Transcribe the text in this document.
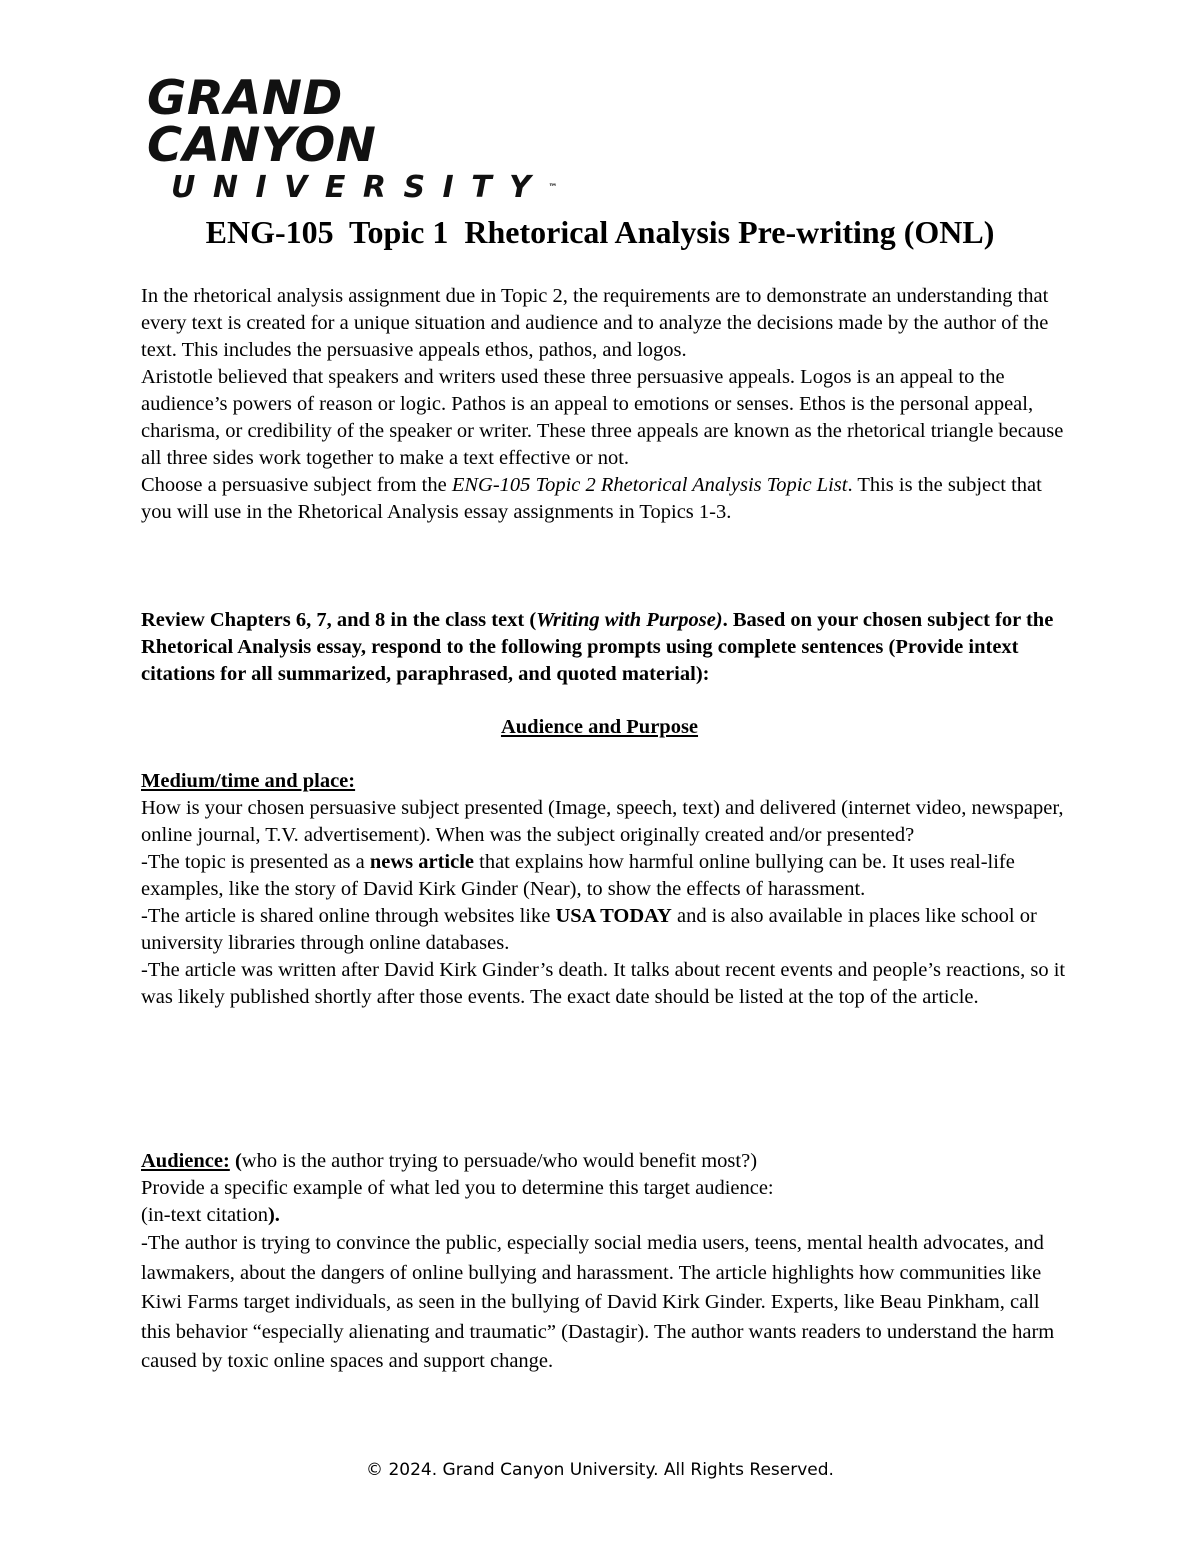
GRAND CANYON
UNIVERSITY™
ENG-105  Topic 1  Rhetorical Analysis Pre-writing (ONL)

In the rhetorical analysis assignment due in Topic 2, the requirements are to demonstrate an understanding that every text is created for a unique situation and audience and to analyze the decisions made by the author of the text. This includes the persuasive appeals ethos, pathos, and logos.

Aristotle believed that speakers and writers used these three persuasive appeals. Logos is an appeal to the audience’s powers of reason or logic. Pathos is an appeal to emotions or senses. Ethos is the personal appeal, charisma, or credibility of the speaker or writer. These three appeals are known as the rhetorical triangle because all three sides work together to make a text effective or not.

Choose a persuasive subject from the ENG-105 Topic 2 Rhetorical Analysis Topic List. This is the subject that you will use in the Rhetorical Analysis essay assignments in Topics 1-3.

Review Chapters 6, 7, and 8 in the class text (Writing with Purpose). Based on your chosen subject for the Rhetorical Analysis essay, respond to the following prompts using complete sentences (Provide intext citations for all summarized, paraphrased, and quoted material):
Audience and Purpose

Medium/time and place:

How is your chosen persuasive subject presented (Image, speech, text) and delivered (internet video, newspaper, online journal, T.V. advertisement). When was the subject originally created and/or presented?

-The topic is presented as a news article that explains how harmful online bullying can be. It uses real-life examples, like the story of David Kirk Ginder (Near), to show the effects of harassment.

-The article is shared online through websites like USA TODAY and is also available in places like school or university libraries through online databases.

-The article was written after David Kirk Ginder’s death. It talks about recent events and people’s reactions, so it was likely published shortly after those events. The exact date should be listed at the top of the article.

Audience: (who is the author trying to persuade/who would benefit most?)

Provide a specific example of what led you to determine this target audience:

(in-text citation).

-The author is trying to convince the public, especially social media users, teens, mental health advocates, and lawmakers, about the dangers of online bullying and harassment. The article highlights how communities like Kiwi Farms target individuals, as seen in the bullying of David Kirk Ginder. Experts, like Beau Pinkham, call this behavior “especially alienating and traumatic” (Dastagir). The author wants readers to understand the harm caused by toxic online spaces and support change.

© 2024. Grand Canyon University. All Rights Reserved.
